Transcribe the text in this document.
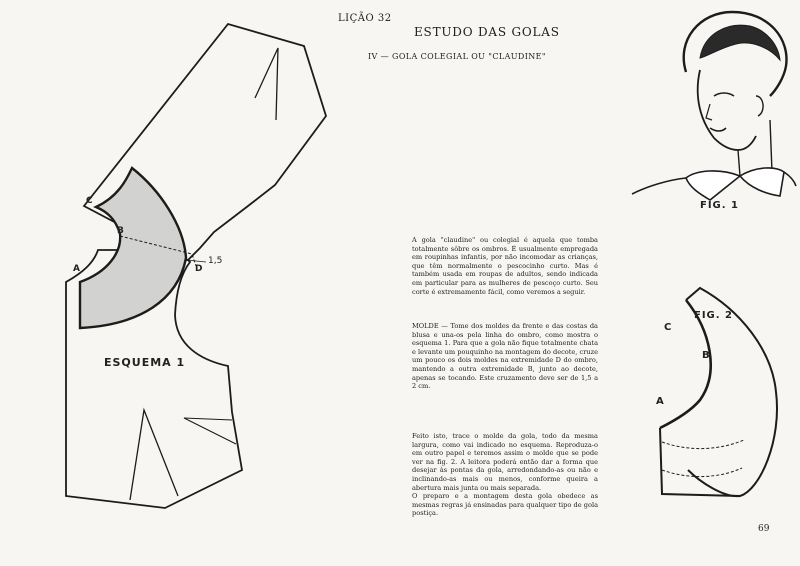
LIÇÃO 32
ESTUDO DAS GOLAS
IV — GOLA COLEGIAL OU "CLAUDINE"
C
B
A	D
1,5
ESQUEMA 1
FIG. 1
FIG. 2
C
B
A
A gola "claudine" ou colegial é aquela que tomba totalmente sôbre os ombros. É usualmente empregada em roupinhas infantis, por não incomodar as crianças, que têm normalmente o pescocinho curto. Mas é também usada em roupas de adultos, sendo indicada em particular para as mulheres de pescoço curto. Seu corte é extremamente fácil, como veremos a seguir.
MOLDE — Tome dos moldes da frente e das costas da blusa e una-os pela linha do ombro, como mostra o esquema 1. Para que a gola não fique totalmente chata e levante um pouquinho na montagem do decote, cruze um pouco os dois moldes na extremidade D do ombro, mantendo a outra extremidade B, junto ao decote, apenas se tocando. Este cruzamento deve ser de 1,5 a 2 cm.
Feito isto, trace o molde da gola, todo da mesma largura, como vai indicado no esquema. Reproduza-o em outro papel e teremos assim o molde que se pode ver na fig. 2. A leitora poderá então dar a forma que desejar às pontas da gola, arredondando-as ou não e inclinando-as mais ou menos, conforme queira a abertura mais junta ou mais separada.
O preparo e a montagem desta gola obedece as mesmas regras já ensinadas para qualquer tipo de gola postiça.
69
